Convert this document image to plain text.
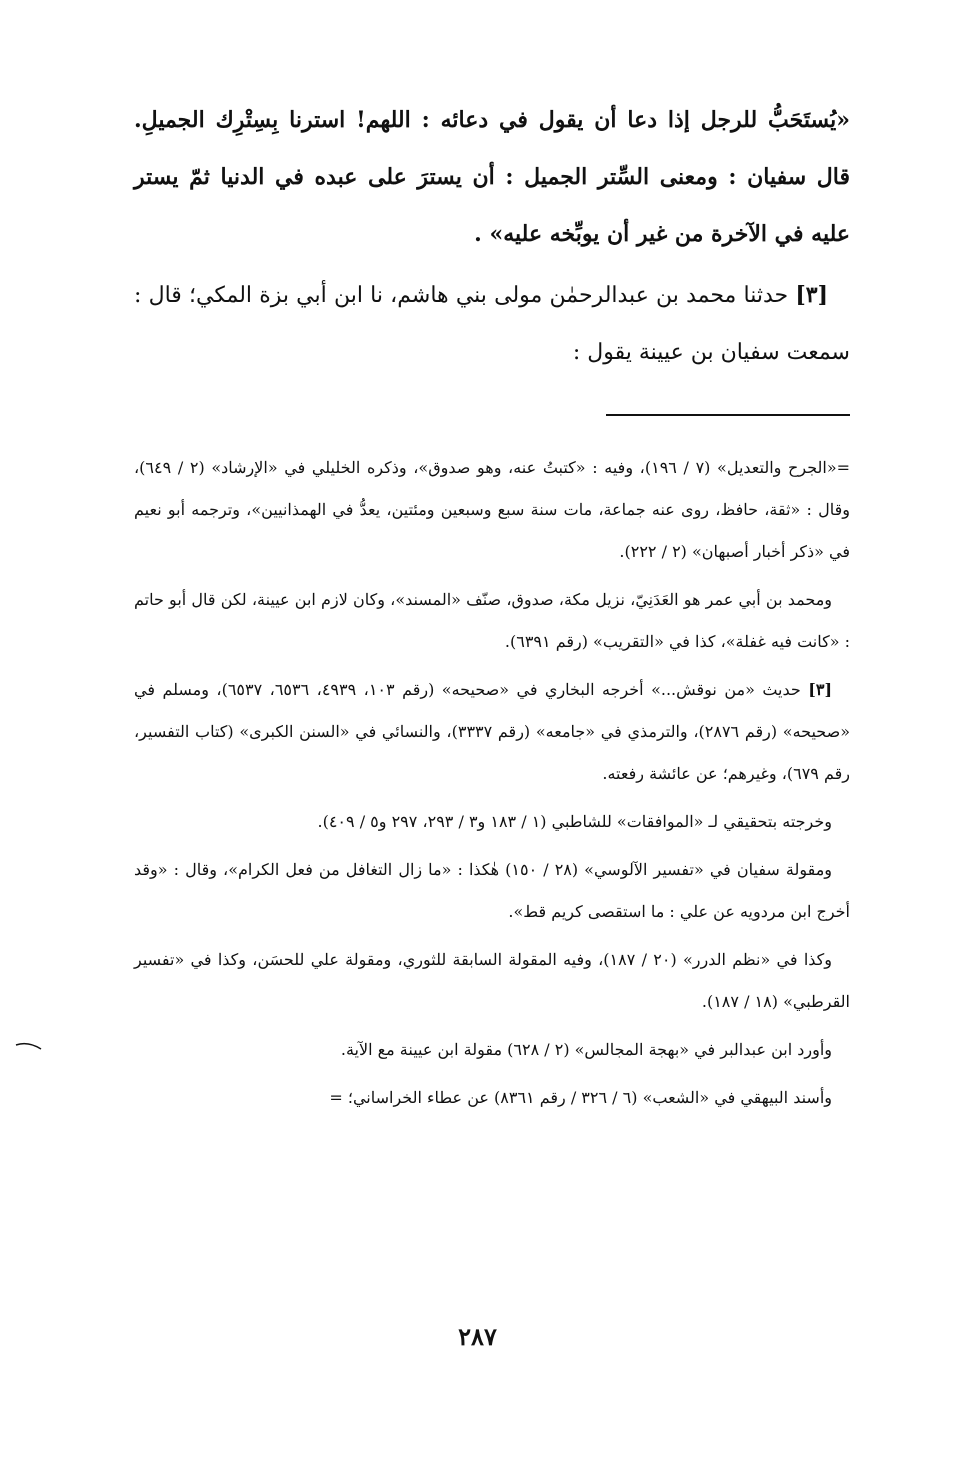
«يُستَحَبُّ للرجل إذا دعا أن يقول في دعائه : اللهم! استرنا بِسِتْرِك الجميلِ. قال سفيان : ومعنى السِّتر الجميل : أن يسترَ على عبده في الدنيا ثمّ يستر عليه في الآخرة من غير أن يوبِّخه عليه» .

[٣] حدثنا محمد بن عبدالرحمٰن مولى بني هاشم، نا ابن أبي بزة المكي؛ قال : سمعت سفيان بن عيينة يقول :

=«الجرح والتعديل» (٧ / ١٩٦)، وفيه : «كتبتُ عنه، وهو صدوق»، وذكره الخليلي في «الإرشاد» (٢ / ٦٤٩)، وقال : «ثقة، حافظ، روى عنه جماعة، مات سنة سبع وسبعين ومئتين، يعدُّ في الهمذانيين»، وترجمه أبو نعيم في «ذكر أخبار أصبهان» (٢ / ٢٢٢).

ومحمد بن أبي عمر هو العَدَنِيّ، نزيل مكة، صدوق، صنّف «المسند»، وكان لازم ابن عيينة، لكن قال أبو حاتم : «كانت فيه غفلة»، كذا في «التقريب» (رقم ٦٣٩١).

[٣] حديث «من نوقش...» أخرجه البخاري في «صحيحه» (رقم ١٠٣، ٤٩٣٩، ٦٥٣٦، ٦٥٣٧)، ومسلم في «صحيحه» (رقم ٢٨٧٦)، والترمذي في «جامعه» (رقم ٣٣٣٧)، والنسائي في «السنن الكبرى» (كتاب التفسير، رقم ٦٧٩)، وغيرهم؛ عن عائشة رفعته.

وخرجته بتحقيقي لـ «الموافقات» للشاطبي (١ / ١٨٣ و٣ / ٢٩٣، ٢٩٧ و٥ / ٤٠٩).

ومقولة سفيان في «تفسير الآلوسي» (٢٨ / ١٥٠) هٰكذا : «ما زال التغافل من فعل الكرام»، وقال : «وقد أخرج ابن مردويه عن علي : ما استقصى كريم قط».

وكذا في «نظم الدرر» (٢٠ / ١٨٧)، وفيه المقولة السابقة للثوري، ومقولة علي للحسَن، وكذا في «تفسير القرطبي» (١٨ / ١٨٧).

وأورد ابن عبدالبر في «بهجة المجالس» (٢ / ٦٢٨) مقولة ابن عيينة مع الآية.

وأسند البيهقي في «الشعب» (٦ / ٣٢٦ / رقم ٨٣٦١) عن عطاء الخراساني؛ =

٢٨٧
